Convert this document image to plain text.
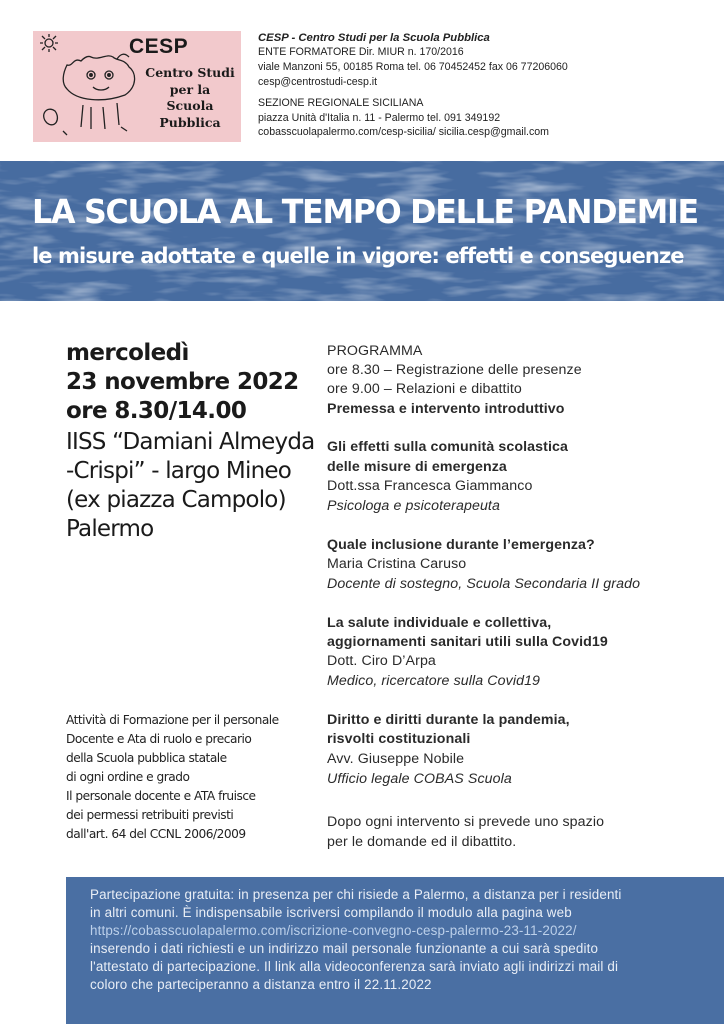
CESP
Centro Studi
per la
Scuola
Pubblica
CESP - Centro Studi per la Scuola Pubblica
ENTE FORMATORE Dir. MIUR n. 170/2016
viale Manzoni 55, 00185 Roma tel. 06 70452452 fax 06 77206060
cesp@centrostudi-cesp.it
SEZIONE REGIONALE SICILIANA
piazza Unità d'Italia n. 11 - Palermo tel. 091 349192
cobasscuolapalermo.com/cesp-sicilia/ sicilia.cesp@gmail.com
LA SCUOLA AL TEMPO DELLE PANDEMIE
le misure adottate e quelle in vigore: effetti e conseguenze
mercoledì
23 novembre 2022
ore 8.30/14.00
IISS “Damiani Almeyda
-Crispi” - largo Mineo
(ex piazza Campolo)
Palermo
PROGRAMMA
ore 8.30 – Registrazione delle presenze
ore 9.00 – Relazioni e dibattito
Premessa e intervento introduttivo
Gli effetti sulla comunità scolastica
delle misure di emergenza
Dott.ssa Francesca Giammanco
Psicologa e psicoterapeuta
Quale inclusione durante l’emergenza?
Maria Cristina Caruso
Docente di sostegno, Scuola Secondaria II grado
La salute individuale e collettiva,
aggiornamenti sanitari utili sulla Covid19
Dott. Ciro D’Arpa
Medico, ricercatore sulla Covid19
Diritto e diritti durante la pandemia,
risvolti costituzionali
Avv. Giuseppe Nobile
Ufficio legale COBAS Scuola
Dopo ogni intervento si prevede uno spazio
per le domande ed il dibattito.
Attività di Formazione per il personale
Docente e Ata di ruolo e precario
della Scuola pubblica statale
di ogni ordine e grado
Il personale docente e ATA fruisce
dei permessi retribuiti previsti
dall'art. 64 del CCNL 2006/2009
Partecipazione gratuita: in presenza per chi risiede a Palermo, a distanza per i residenti
in altri comuni. È indispensabile iscriversi compilando il modulo alla pagina web
https://cobasscuolapalermo.com/iscrizione-convegno-cesp-palermo-23-11-2022/
inserendo i dati richiesti e un indirizzo mail personale funzionante a cui sarà spedito
l'attestato di partecipazione. Il link alla videoconferenza sarà inviato agli indirizzi mail di
coloro che parteciperanno a distanza entro il 22.11.2022
